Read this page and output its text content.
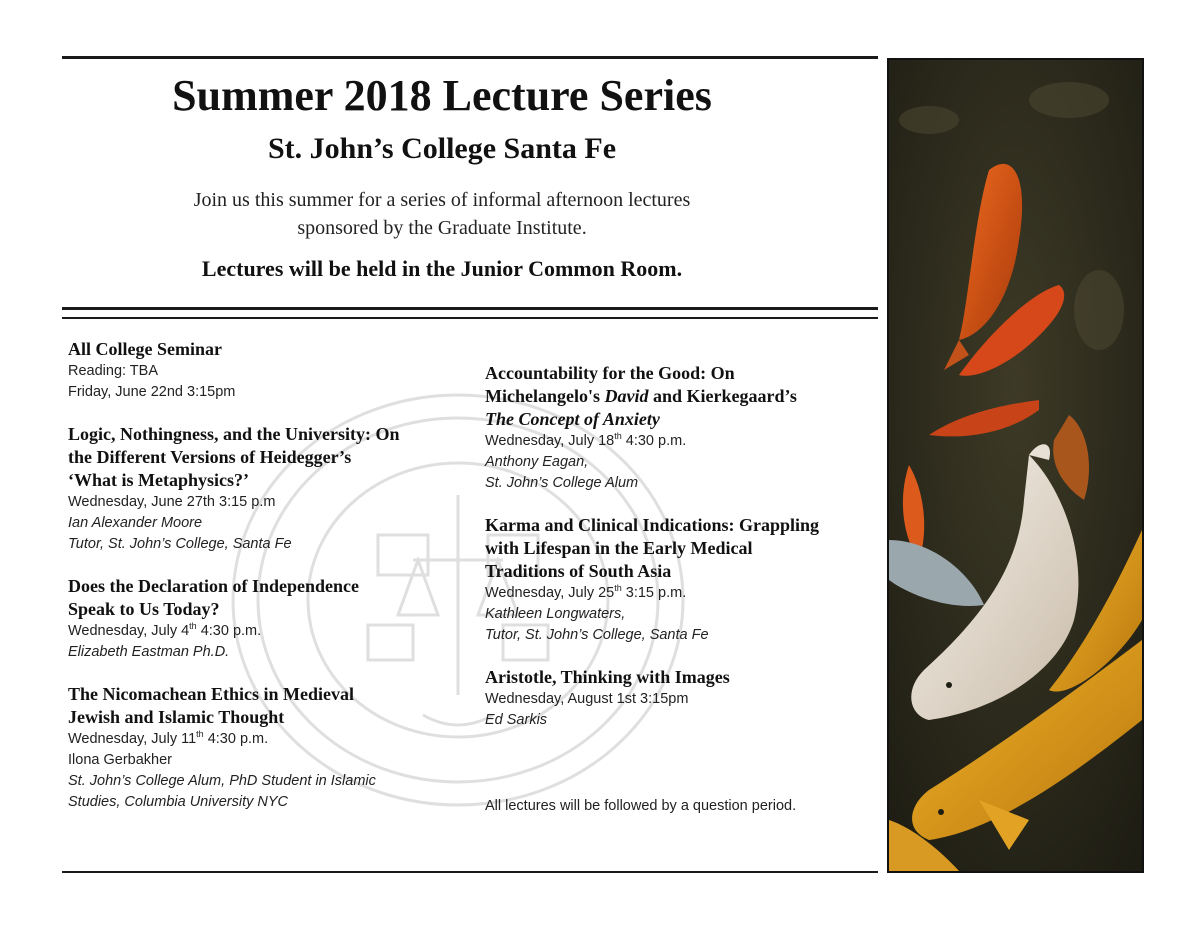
Summer 2018 Lecture Series
St. John’s College Santa Fe
Join us this summer for a series of informal afternoon lectures
sponsored by the Graduate Institute.
Lectures will be held in the Junior Common Room.
All College Seminar
Reading: TBA
Friday, June 22nd 3:15pm
Logic, Nothingness, and the University: On
the Different Versions of Heidegger’s
‘What is Metaphysics?’
Wednesday, June 27th 3:15 p.m
Ian Alexander Moore
Tutor, St. John’s College, Santa Fe
Does the Declaration of Independence
Speak to Us Today?
Wednesday, July 4th 4:30 p.m.
Elizabeth Eastman Ph.D.
The Nicomachean Ethics in Medieval
Jewish and Islamic Thought
Wednesday, July 11th 4:30 p.m.
Ilona Gerbakher
St. John’s College Alum, PhD Student in Islamic
Studies, Columbia University NYC
Accountability for the Good: On
Michelangelo's David and Kierkegaard’s
The Concept of Anxiety
Wednesday, July 18th 4:30 p.m.
Anthony Eagan,
St. John’s College Alum
Karma and Clinical Indications: Grappling
with Lifespan in the Early Medical
Traditions of South Asia
Wednesday, July 25th 3:15 p.m.
Kathleen Longwaters,
Tutor, St. John’s College, Santa Fe
Aristotle, Thinking with Images
Wednesday, August 1st 3:15pm
Ed Sarkis
All lectures will be followed by a question period.
